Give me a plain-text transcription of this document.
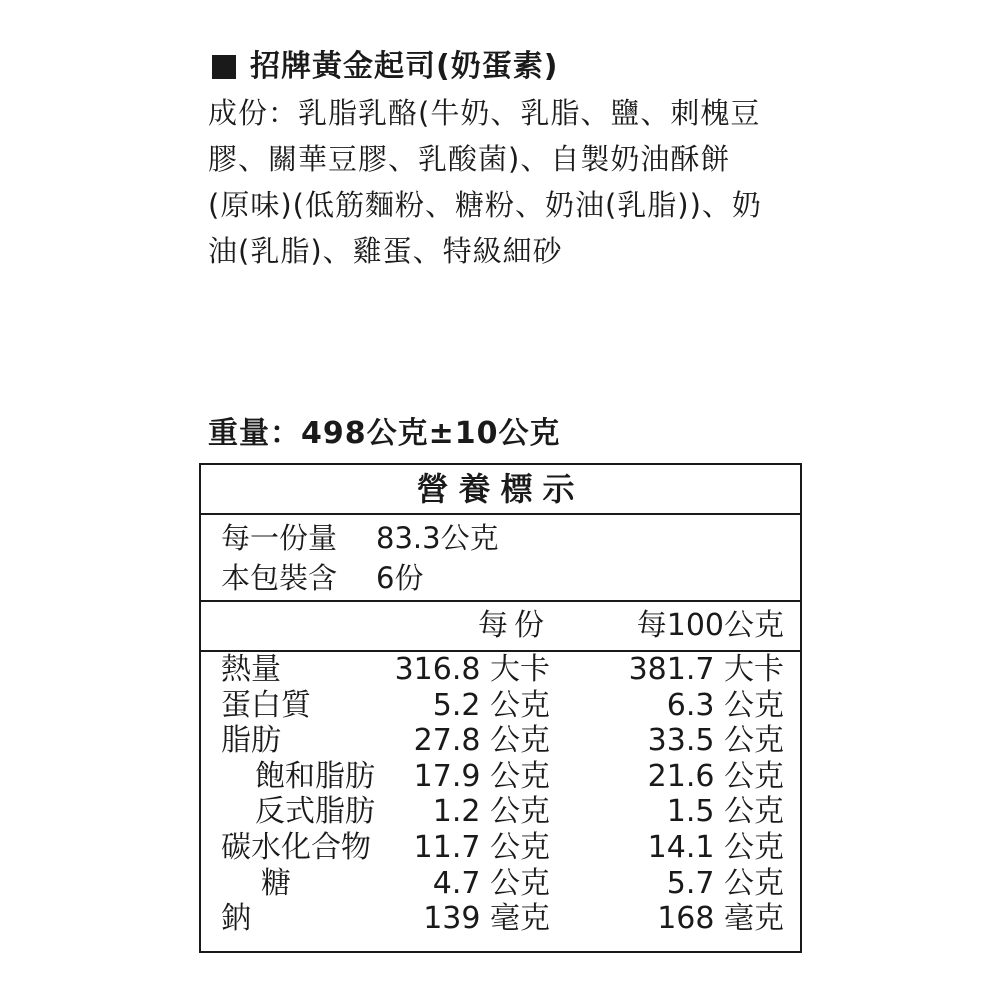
招牌黃金起司(奶蛋素)
成份：乳脂乳酪(牛奶、乳脂、鹽、刺槐豆
膠、關華豆膠、乳酸菌)、自製奶油酥餅
(原味)(低筋麵粉、糖粉、奶油(乳脂))、奶
油(乳脂)、雞蛋、特級細砂
重量：498公克±10公克
營養標示
每一份量 83.3公克
本包裝含 6份
每份	每100公克
熱量	316.8 大卡	381.7 大卡
蛋白質	5.2 公克	6.3 公克
脂肪	27.8 公克	33.5 公克
飽和脂肪 17.9 公克	21.6 公克
反式脂肪 1.2 公克	1.5 公克
碳水化合物 11.7 公克	14.1 公克
糖	4.7 公克	5.7 公克
鈉	139 毫克	168 毫克
